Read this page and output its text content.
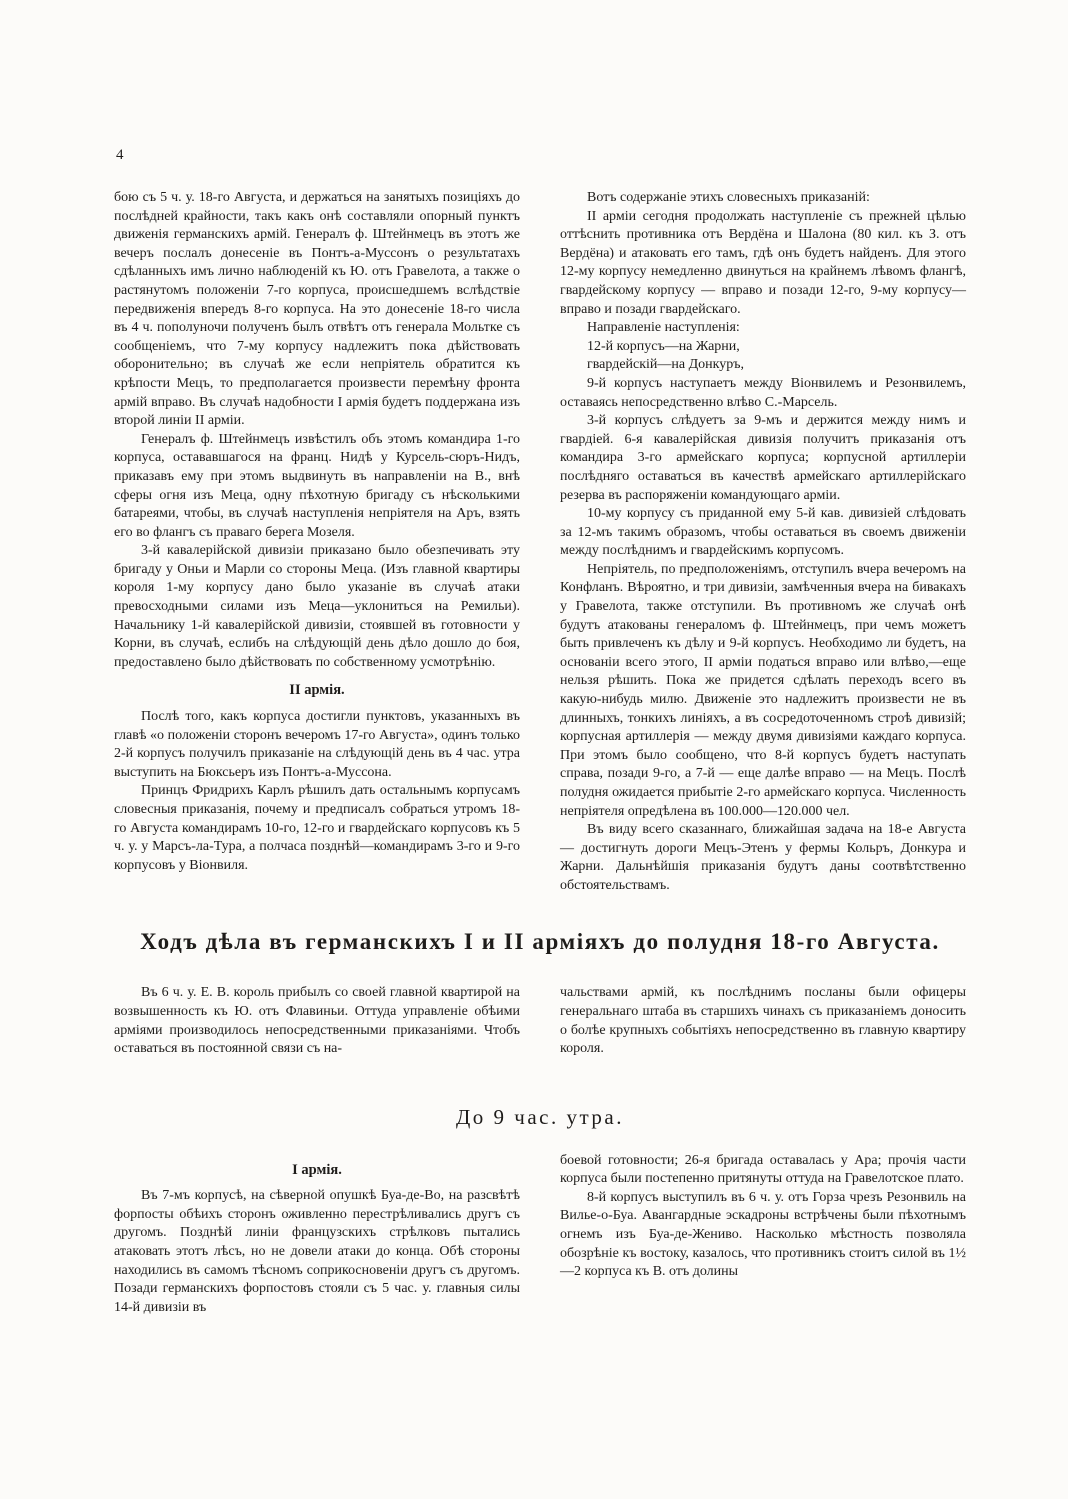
4

бою съ 5 ч. у. 18-го Августа, и держаться на занятыхъ позиціяхъ до послѣдней крайности, такъ какъ онѣ составляли опорный пунктъ движенія германскихъ армій. Генералъ ф. Штейнмецъ въ этотъ же вечеръ послалъ донесеніе въ Понтъ-а-Муссонъ о результатахъ сдѣланныхъ имъ лично наблюденій къ Ю. отъ Гравелота, а также о растянутомъ положеніи 7-го корпуса, происшедшемъ вслѣдствіе передвиженія впередъ 8-го корпуса. На это донесеніе 18-го числа въ 4 ч. пополуночи полученъ былъ отвѣтъ отъ генерала Мольтке съ сообщеніемъ, что 7-му корпусу надлежитъ пока дѣйствовать оборонительно; въ случаѣ же если непріятель обратится къ крѣпости Мецъ, то предполагается произвести перемѣну фронта армій вправо. Въ случаѣ надобности I армія будетъ поддержана изъ второй линіи II арміи.

Генералъ ф. Штейнмецъ извѣстилъ объ этомъ командира 1-го корпуса, остававшагося на франц. Нидѣ у Курсель-сюръ-Нидъ, приказавъ ему при этомъ выдвинуть въ направленіи на В., внѣ сферы огня изъ Меца, одну пѣхотную бригаду съ нѣсколькими батареями, чтобы, въ случаѣ наступленія непріятеля на Аръ, взять его во флангъ съ праваго берега Мозеля.

3-й кавалерійской дивизіи приказано было обезпечивать эту бригаду у Оньи и Марли со стороны Меца. (Изъ главной квартиры короля 1-му корпусу дано было указаніе въ случаѣ атаки превосходными силами изъ Меца—уклониться на Ремильи). Начальнику 1-й кавалерійской дивизіи, стоявшей въ готовности у Корни, въ случаѣ, еслибъ на слѣдующій день дѣло дошло до боя, предоставлено было дѣйствовать по собственному усмотрѣнію.

II армія.

Послѣ того, какъ корпуса достигли пунктовъ, указанныхъ въ главѣ «о положеніи сторонъ вечеромъ 17-го Августа», одинъ только 2-й корпусъ получилъ приказаніе на слѣдующій день въ 4 час. утра выступить на Бюксьеръ изъ Понтъ-а-Муссона.

Принцъ Фридрихъ Карлъ рѣшилъ дать остальнымъ корпусамъ словесныя приказанія, почему и предписалъ собраться утромъ 18-го Августа командирамъ 10-го, 12-го и гвардейскаго корпусовъ къ 5 ч. у. у Марсъ-ла-Тура, а полчаса позднѣй—командирамъ 3-го и 9-го корпусовъ у Віонвиля.

Вотъ содержаніе этихъ словесныхъ приказаній:

II арміи сегодня продолжать наступленіе съ прежней цѣлью оттѣснить противника отъ Вердёна и Шалона (80 кил. къ З. отъ Вердёна) и атаковать его тамъ, гдѣ онъ будетъ найденъ. Для этого 12-му корпусу немедленно двинуться на крайнемъ лѣвомъ флангѣ, гвардейскому корпусу — вправо и позади 12-го, 9-му корпусу—вправо и позади гвардейскаго.

Направленіе наступленія:

12-й корпусъ—на Жарни,

гвардейскій—на Донкуръ,

9-й корпусъ наступаетъ между Віонвилемъ и Резонвилемъ, оставаясь непосредственно влѣво С.-Марсель.

3-й корпусъ слѣдуетъ за 9-мъ и держится между нимъ и гвардіей. 6-я кавалерійская дивизія получитъ приказанія отъ командира 3-го армейскаго корпуса; корпусной артиллеріи послѣдняго оставаться въ качествѣ армейскаго артиллерійскаго резерва въ распоряженіи командующаго арміи.

10-му корпусу съ приданной ему 5-й кав. дивизіей слѣдовать за 12-мъ такимъ образомъ, чтобы оставаться въ своемъ движеніи между послѣднимъ и гвардейскимъ корпусомъ.

Непріятель, по предположеніямъ, отступилъ вчера вечеромъ на Конфланъ. Вѣроятно, и три дивизіи, замѣченныя вчера на бивакахъ у Гравелота, также отступили. Въ противномъ же случаѣ онѣ будутъ атакованы генераломъ ф. Штейнмецъ, при чемъ можетъ быть привлеченъ къ дѣлу и 9-й корпусъ. Необходимо ли будетъ, на основаніи всего этого, II арміи податься вправо или влѣво,—еще нельзя рѣшить. Пока же придется сдѣлать переходъ всего въ какую-нибудь милю. Движеніе это надлежитъ произвести не въ длинныхъ, тонкихъ линіяхъ, а въ сосредоточенномъ строѣ дивизій; корпусная артиллерія — между двумя дивизіями каждаго корпуса. При этомъ было сообщено, что 8-й корпусъ будетъ наступать справа, позади 9-го, а 7-й — еще далѣе вправо — на Мецъ. Послѣ полудня ожидается прибытіе 2-го армейскаго корпуса. Численность непріятеля опредѣлена въ 100.000—120.000 чел.

Въ виду всего сказаннаго, ближайшая задача на 18-е Августа — достигнуть дороги Мецъ-Этенъ у фермы Кольръ, Донкура и Жарни. Дальнѣйшія приказанія будутъ даны соотвѣтственно обстоятельствамъ.

Ходъ дѣла въ германскихъ I и II арміяхъ до полудня 18-го Августа.

Въ 6 ч. у. Е. В. король прибылъ со своей главной квартирой на возвышенность къ Ю. отъ Флавиньи. Оттуда управленіе обѣими арміями производилось непосредственными приказаніями. Чтобъ оставаться въ постоянной связи съ на-

чальствами армій, къ послѣднимъ посланы были офицеры генеральнаго штаба въ старшихъ чинахъ съ приказаніемъ доносить о болѣе крупныхъ событіяхъ непосредственно въ главную квартиру короля.

До 9 час. утра.

I армія.

Въ 7-мъ корпусѣ, на сѣверной опушкѣ Буа-де-Во, на разсвѣтѣ форпосты обѣихъ сторонъ оживленно перестрѣливались другъ съ другомъ. Позднѣй линіи французскихъ стрѣлковъ пытались атаковать этотъ лѣсъ, но не довели атаки до конца. Обѣ стороны находились въ самомъ тѣсномъ соприкосновеніи другъ съ другомъ. Позади германскихъ форпостовъ стояли съ 5 час. у. главныя силы 14-й дивизіи въ

боевой готовности; 26-я бригада оставалась у Ара; прочія части корпуса были постепенно притянуты оттуда на Гравелотское плато.

8-й корпусъ выступилъ въ 6 ч. у. отъ Горза чрезъ Резонвиль на Вилье-о-Буа. Авангардные эскадроны встрѣчены были пѣхотнымъ огнемъ изъ Буа-де-Жениво. Насколько мѣстность позволяла обозрѣніе къ востоку, казалось, что противникъ стоитъ силой въ 1½—2 корпуса къ В. отъ долины
